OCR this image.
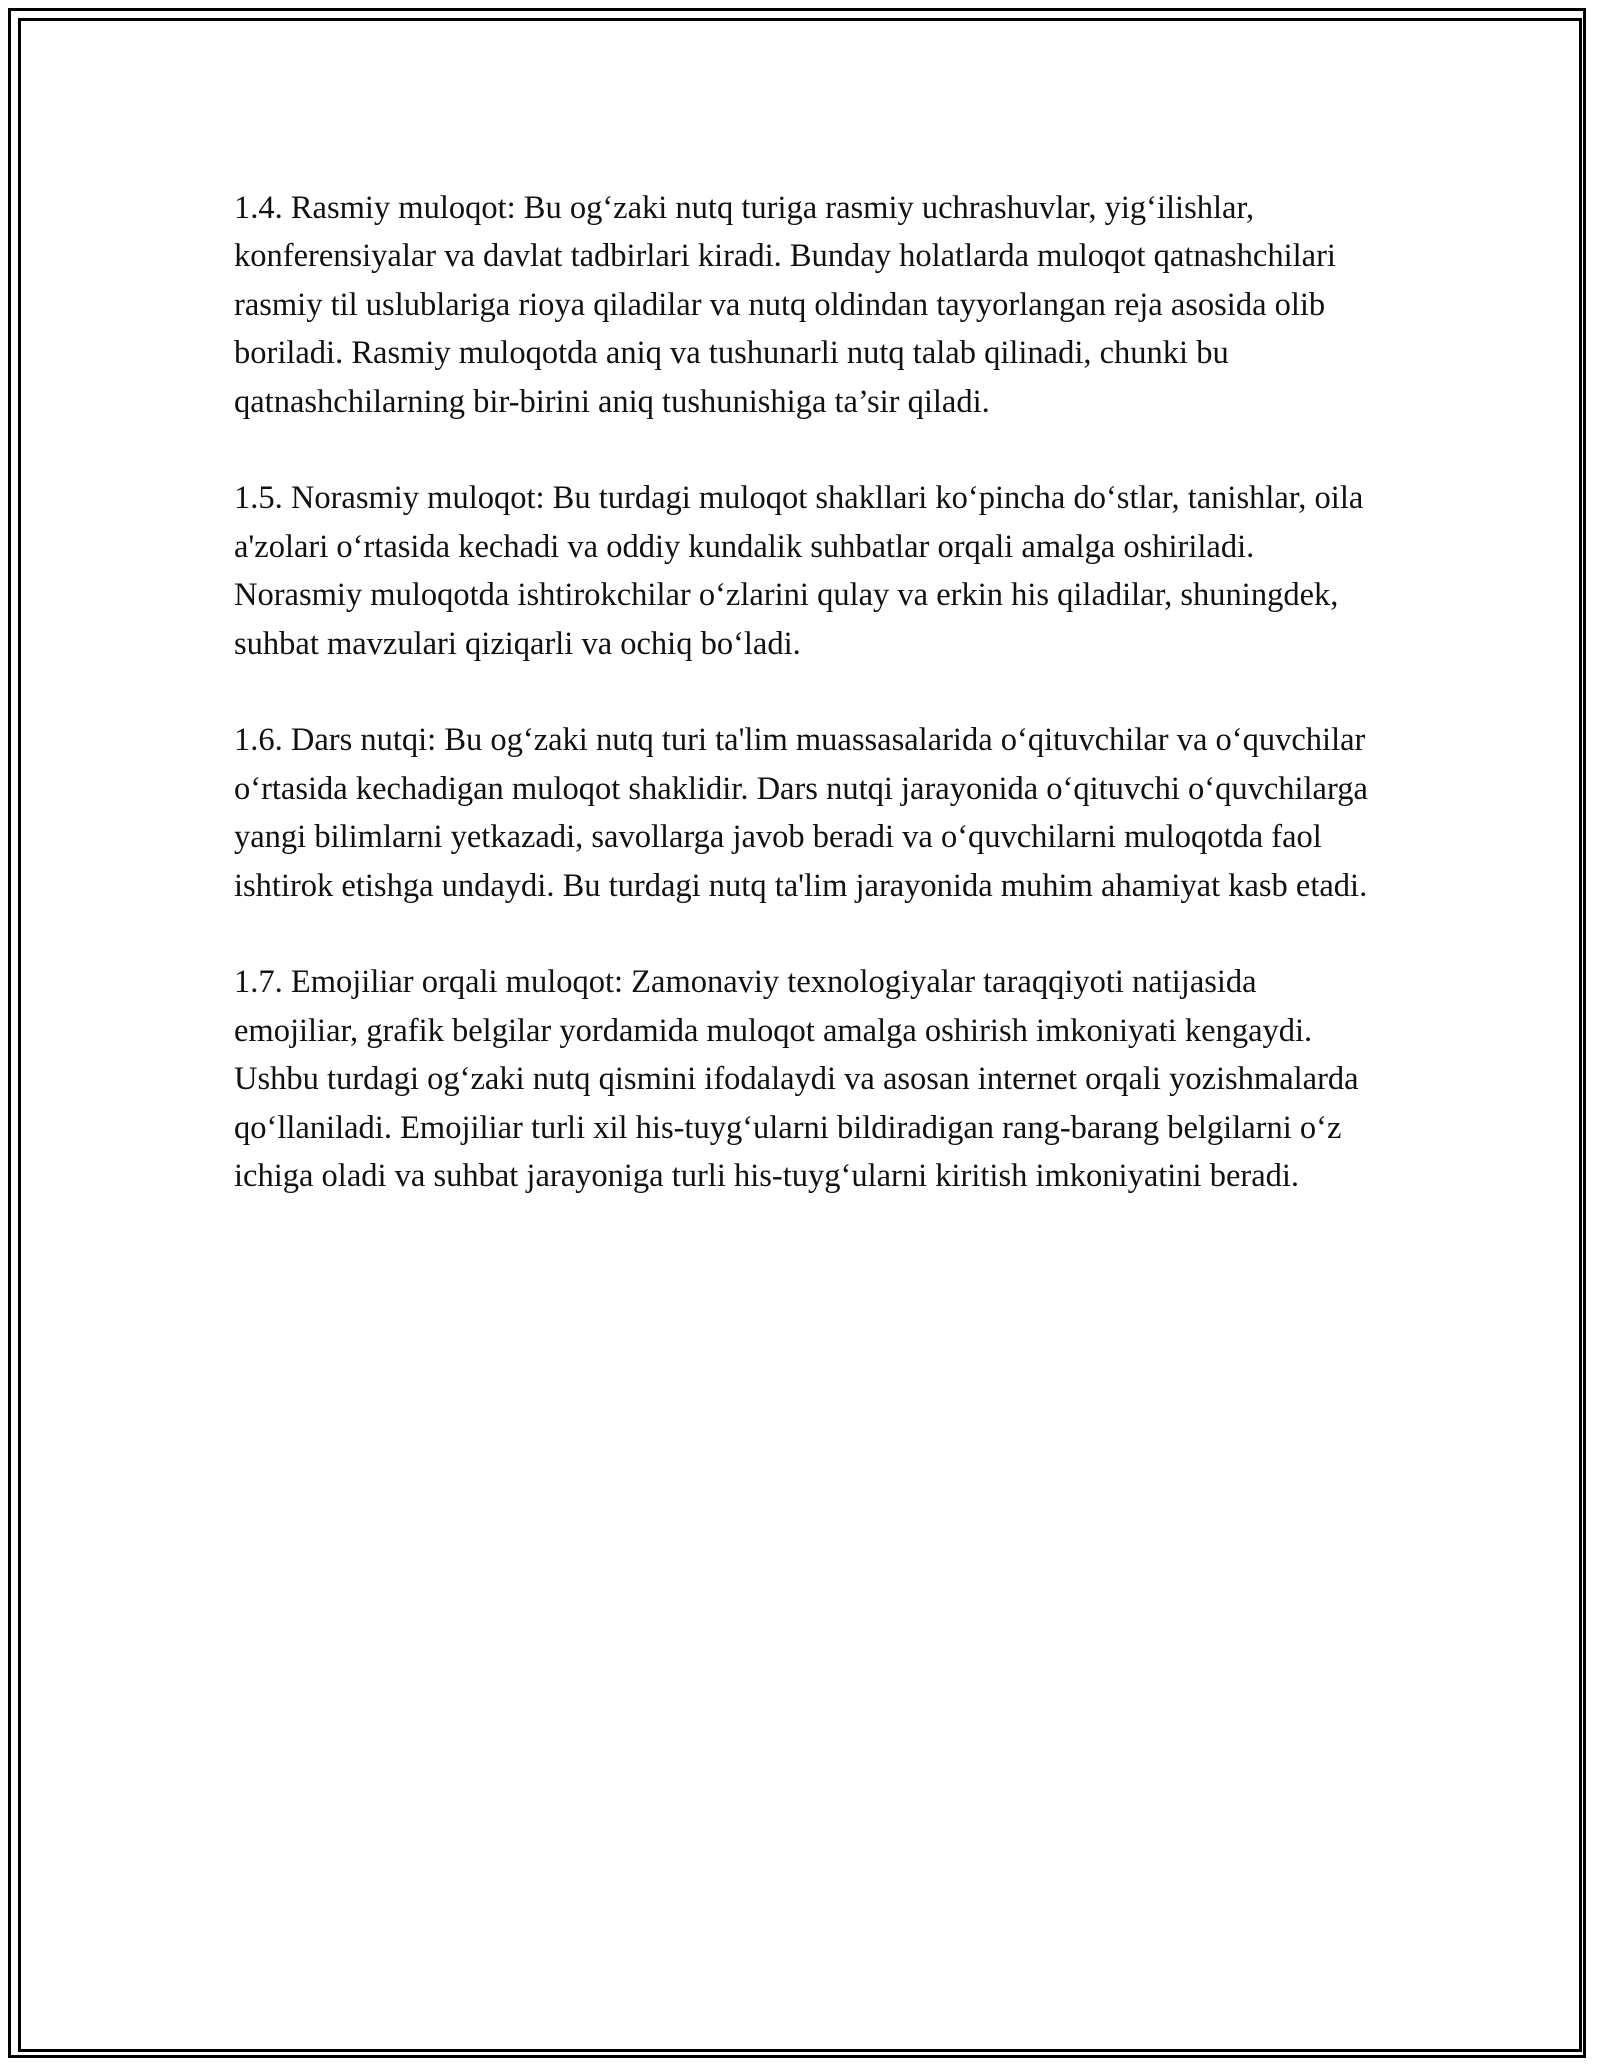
1.4. Rasmiy muloqot: Bu og‘zaki nutq turiga rasmiy uchrashuvlar, yig‘ilishlar, konferensiyalar va davlat tadbirlari kiradi. Bunday holatlarda muloqot qatnashchilari rasmiy til uslublariga rioya qiladilar va nutq oldindan tayyorlangan reja asosida olib boriladi. Rasmiy muloqotda aniq va tushunarli nutq talab qilinadi, chunki bu qatnashchilarning bir-birini aniq tushunishiga ta’sir qiladi.

1.5. Norasmiy muloqot: Bu turdagi muloqot shakllari ko‘pincha do‘stlar, tanishlar, oila a'zolari o‘rtasida kechadi va oddiy kundalik suhbatlar orqali amalga oshiriladi. Norasmiy muloqotda ishtirokchilar o‘zlarini qulay va erkin his qiladilar, shuningdek, suhbat mavzulari qiziqarli va ochiq bo‘ladi.

1.6. Dars nutqi: Bu og‘zaki nutq turi ta'lim muassasalarida o‘qituvchilar va o‘quvchilar o‘rtasida kechadigan muloqot shaklidir. Dars nutqi jarayonida o‘qituvchi o‘quvchilarga yangi bilimlarni yetkazadi, savollarga javob beradi va o‘quvchilarni muloqotda faol ishtirok etishga undaydi. Bu turdagi nutq ta'lim jarayonida muhim ahamiyat kasb etadi.

1.7. Emojiliar orqali muloqot: Zamonaviy texnologiyalar taraqqiyoti natijasida emojiliar, grafik belgilar yordamida muloqot amalga oshirish imkoniyati kengaydi. Ushbu turdagi og‘zaki nutq qismini ifodalaydi va asosan internet orqali yozishmalarda qo‘llaniladi. Emojiliar turli xil his-tuyg‘ularni bildiradigan rang-barang belgilarni o‘z ichiga oladi va suhbat jarayoniga turli his-tuyg‘ularni kiritish imkoniyatini beradi.
